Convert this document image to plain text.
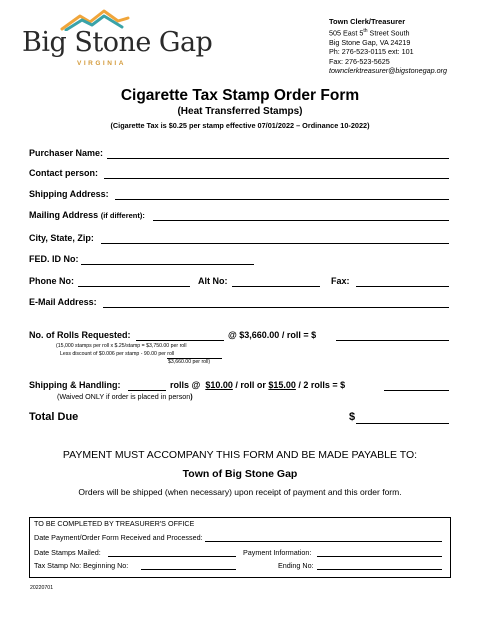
Big Stone Gap
VIRGINIA
Town Clerk/Treasurer
505 East 5th Street South
Big Stone Gap, VA 24219
Ph: 276-523-0115 ext: 101
Fax: 276-523-5625
townclerktreasurer@bigstonegap.org
Cigarette Tax Stamp Order Form
(Heat Transferred Stamps)
(Cigarette Tax is $0.25 per stamp effective 07/01/2022 – Ordinance 10-2022)
Purchaser Name:
Contact person:
Shipping Address:
Mailing Address (if different):
City, State, Zip:
FED. ID No:
Phone No:	Alt No:	Fax:
E-Mail Address:
No. of Rolls Requested:	@ $3,660.00 / roll = $
(15,000 stamps per roll x $.25/stamp = $3,750.00 per roll
Less discount of $0.006 per stamp - 90.00 per roll
$3,660.00 per roll)
Shipping & Handling:	rolls @ $10.00 / roll or $15.00 / 2 rolls = $
(Waived ONLY if order is placed in person)
Total Due	$
PAYMENT MUST ACCOMPANY THIS FORM AND BE MADE PAYABLE TO:
Town of Big Stone Gap
Orders will be shipped (when necessary) upon receipt of payment and this order form.
TO BE COMPLETED BY TREASURER'S OFFICE
Date Payment/Order Form Received and Processed:
Date Stamps Mailed:	Payment Information:
Tax Stamp No: Beginning No:	Ending No:
20220701
